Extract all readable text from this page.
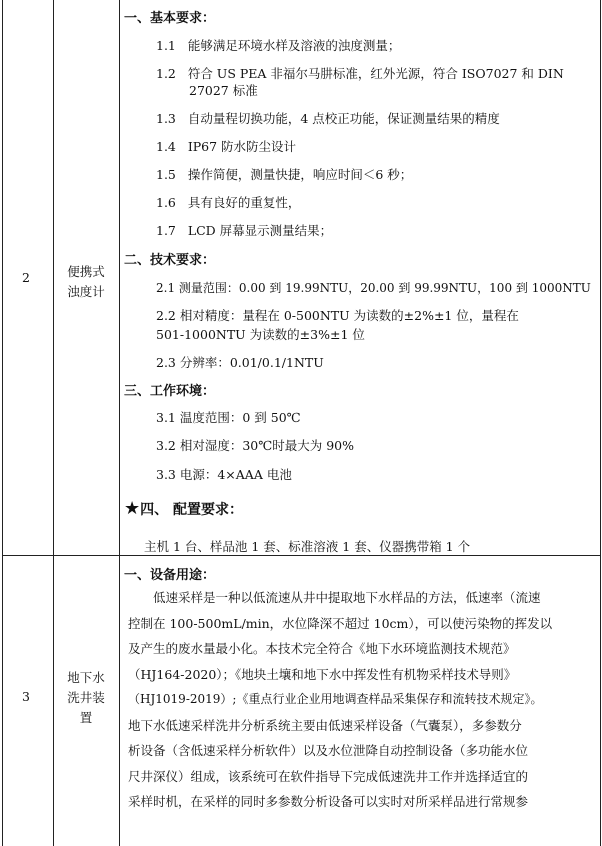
2	便携式
浊度计
一、基本要求：
1.1 能够满足环境水样及溶液的浊度测量；
1.2 符合 US PEA 非福尔马肼标准，红外光源，符合 ISO7027 和 DIN
27027 标准
1.3 自动量程切换功能，4 点校正功能，保证测量结果的精度
1.4 IP67 防水防尘设计
1.5 操作简便，测量快捷，响应时间＜6 秒；
1.6 具有良好的重复性，
1.7 LCD 屏幕显示测量结果；
二、技术要求：
2.1 测量范围：0.00 到 19.99NTU，20.00 到 99.99NTU，100 到 1000NTU
2.2 相对精度：量程在 0-500NTU 为读数的±2%±1 位，量程在
501-1000NTU 为读数的±3%±1 位
2.3 分辨率：0.01/0.1/1NTU
三、工作环境：
3.1 温度范围：0 到 50℃
3.2 相对湿度：30℃时最大为 90%
3.3 电源：4×AAA 电池
★四、 配置要求：
主机 1 台、样品池 1 套、标准溶液 1 套、仪器携带箱 1 个
3
地下水
洗井装
置
一、设备用途：
　　低速采样是一种以低流速从井中提取地下水样品的方法，低速率（流速
控制在 100-500mL/min，水位降深不超过 10cm），可以使污染物的挥发以
及产生的废水量最小化。本技术完全符合《地下水环境监测技术规范》
（HJ164-2020）；《地块土壤和地下水中挥发性有机物采样技术导则》
（HJ1019-2019）;《重点行业企业用地调查样品采集保存和流转技术规定》。
地下水低速采样洗井分析系统主要由低速采样设备（气囊泵），多参数分
析设备（含低速采样分析软件）以及水位泄降自动控制设备（多功能水位
尺井深仪）组成，该系统可在软件指导下完成低速洗井工作并选择适宜的
采样时机，在采样的同时多参数分析设备可以实时对所采样品进行常规参
